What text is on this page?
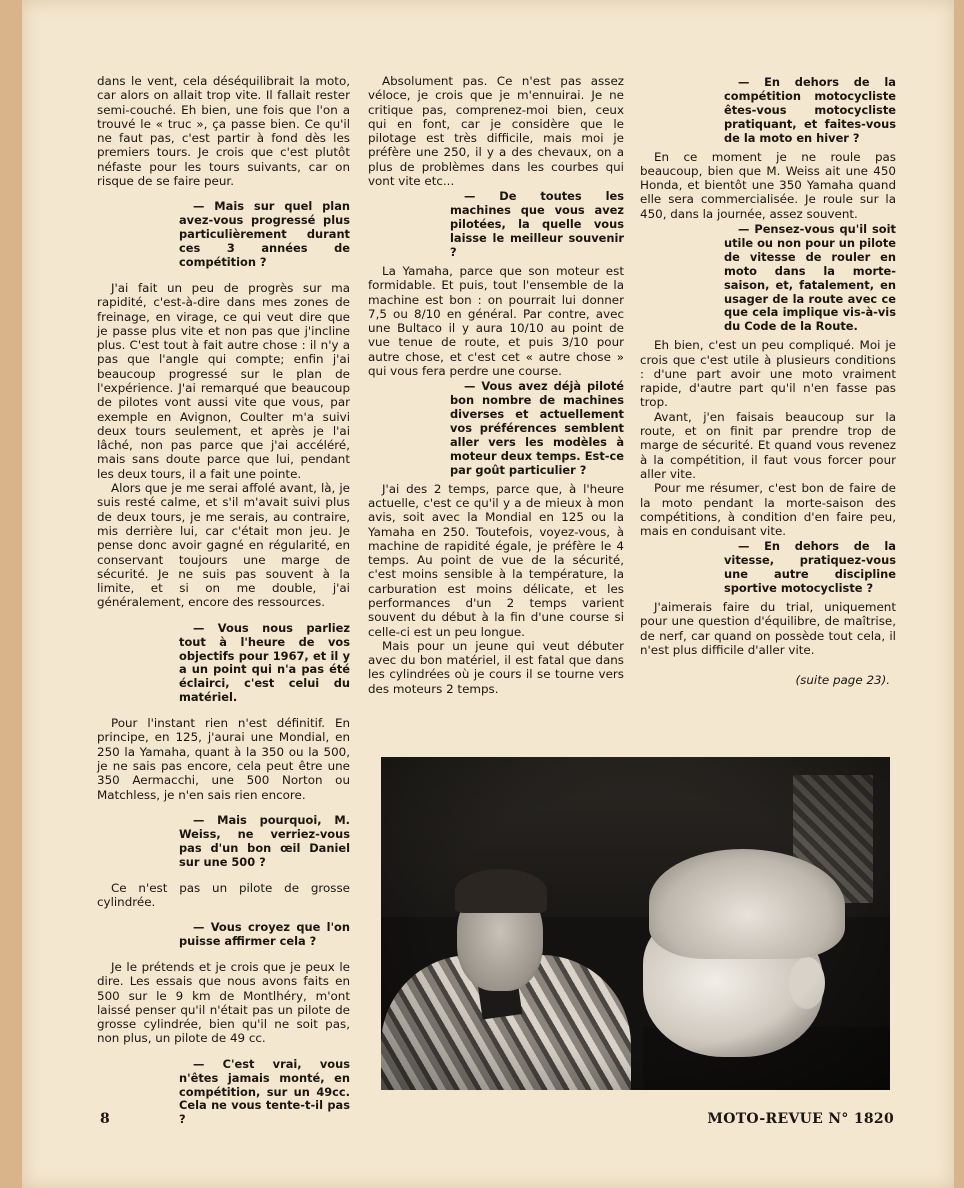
dans le vent, cela déséquilibrait la moto, car alors on allait trop vite. Il fallait rester semi-couché. Eh bien, une fois que l'on a trouvé le « truc », ça passe bien. Ce qu'il ne faut pas, c'est partir à fond dès les premiers tours. Je crois que c'est plutôt néfaste pour les tours suivants, car on risque de se faire peur.

— Mais sur quel plan avez-vous progressé plus particulièrement durant ces 3 années de compétition ?

J'ai fait un peu de progrès sur ma rapidité, c'est-à-dire dans mes zones de freinage, en virage, ce qui veut dire que je passe plus vite et non pas que j'incline plus. C'est tout à fait autre chose : il n'y a pas que l'angle qui compte; enfin j'ai beaucoup progressé sur le plan de l'expérience. J'ai remarqué que beaucoup de pilotes vont aussi vite que vous, par exemple en Avignon, Coulter m'a suivi deux tours seulement, et après je l'ai lâché, non pas parce que j'ai accéléré, mais sans doute parce que lui, pendant les deux tours, il a fait une pointe.

Alors que je me serai affolé avant, là, je suis resté calme, et s'il m'avait suivi plus de deux tours, je me serais, au contraire, mis derrière lui, car c'était mon jeu. Je pense donc avoir gagné en régularité, en conservant toujours une marge de sécurité. Je ne suis pas souvent à la limite, et si on me double, j'ai généralement, encore des ressources.

— Vous nous parliez tout à l'heure de vos objectifs pour 1967, et il y a un point qui n'a pas été éclairci, c'est celui du matériel.

Pour l'instant rien n'est définitif. En principe, en 125, j'aurai une Mondial, en 250 la Yamaha, quant à la 350 ou la 500, je ne sais pas encore, cela peut être une 350 Aermacchi, une 500 Norton ou Matchless, je n'en sais rien encore.

— Mais pourquoi, M. Weiss, ne verriez-vous pas d'un bon œil Daniel sur une 500 ?

Ce n'est pas un pilote de grosse cylindrée.

— Vous croyez que l'on puisse affirmer cela ?

Je le prétends et je crois que je peux le dire. Les essais que nous avons faits en 500 sur le 9 km de Montlhéry, m'ont laissé penser qu'il n'était pas un pilote de grosse cylindrée, bien qu'il ne soit pas, non plus, un pilote de 49 cc.

— C'est vrai, vous n'êtes jamais monté, en compétition, sur un 49cc. Cela ne vous tente-t-il pas ?

Absolument pas. Ce n'est pas assez véloce, je crois que je m'ennuirai. Je ne critique pas, comprenez-moi bien, ceux qui en font, car je considère que le pilotage est très difficile, mais moi je préfère une 250, il y a des chevaux, on a plus de problèmes dans les courbes qui vont vite etc...

— De toutes les machines que vous avez pilotées, la quelle vous laisse le meilleur souvenir ?

La Yamaha, parce que son moteur est formidable. Et puis, tout l'ensemble de la machine est bon : on pourrait lui donner 7,5 ou 8/10 en général. Par contre, avec une Bultaco il y aura 10/10 au point de vue tenue de route, et puis 3/10 pour autre chose, et c'est cet « autre chose » qui vous fera perdre une course.

— Vous avez déjà piloté bon nombre de machines diverses et actuellement vos préférences semblent aller vers les modèles à moteur deux temps. Est-ce par goût particulier ?

J'ai des 2 temps, parce que, à l'heure actuelle, c'est ce qu'il y a de mieux à mon avis, soit avec la Mondial en 125 ou la Yamaha en 250. Toutefois, voyez-vous, à machine de rapidité égale, je préfère le 4 temps. Au point de vue de la sécurité, c'est moins sensible à la température, la carburation est moins délicate, et les performances d'un 2 temps varient souvent du début à la fin d'une course si celle-ci est un peu longue.

Mais pour un jeune qui veut débuter avec du bon matériel, il est fatal que dans les cylindrées où je cours il se tourne vers des moteurs 2 temps.

— En dehors de la compétition motocycliste êtes-vous motocycliste pratiquant, et faites-vous de la moto en hiver ?

En ce moment je ne roule pas beaucoup, bien que M. Weiss ait une 450 Honda, et bientôt une 350 Yamaha quand elle sera commercialisée. Je roule sur la 450, dans la journée, assez souvent.

— Pensez-vous qu'il soit utile ou non pour un pilote de vitesse de rouler en moto dans la morte-saison, et, fatalement, en usager de la route avec ce que cela implique vis-à-vis du Code de la Route.

Eh bien, c'est un peu compliqué. Moi je crois que c'est utile à plusieurs conditions : d'une part avoir une moto vraiment rapide, d'autre part qu'il n'en fasse pas trop.

Avant, j'en faisais beaucoup sur la route, et on finit par prendre trop de marge de sécurité. Et quand vous revenez à la compétition, il faut vous forcer pour aller vite.

Pour me résumer, c'est bon de faire de la moto pendant la morte-saison des compétitions, à condition d'en faire peu, mais en conduisant vite.

— En dehors de la vitesse, pratiquez-vous une autre discipline sportive motocycliste ?

J'aimerais faire du trial, uniquement pour une question d'équilibre, de maîtrise, de nerf, car quand on possède tout cela, il n'est plus difficile d'aller vite.

(suite page 23).

8	MOTO-REVUE N° 1820
